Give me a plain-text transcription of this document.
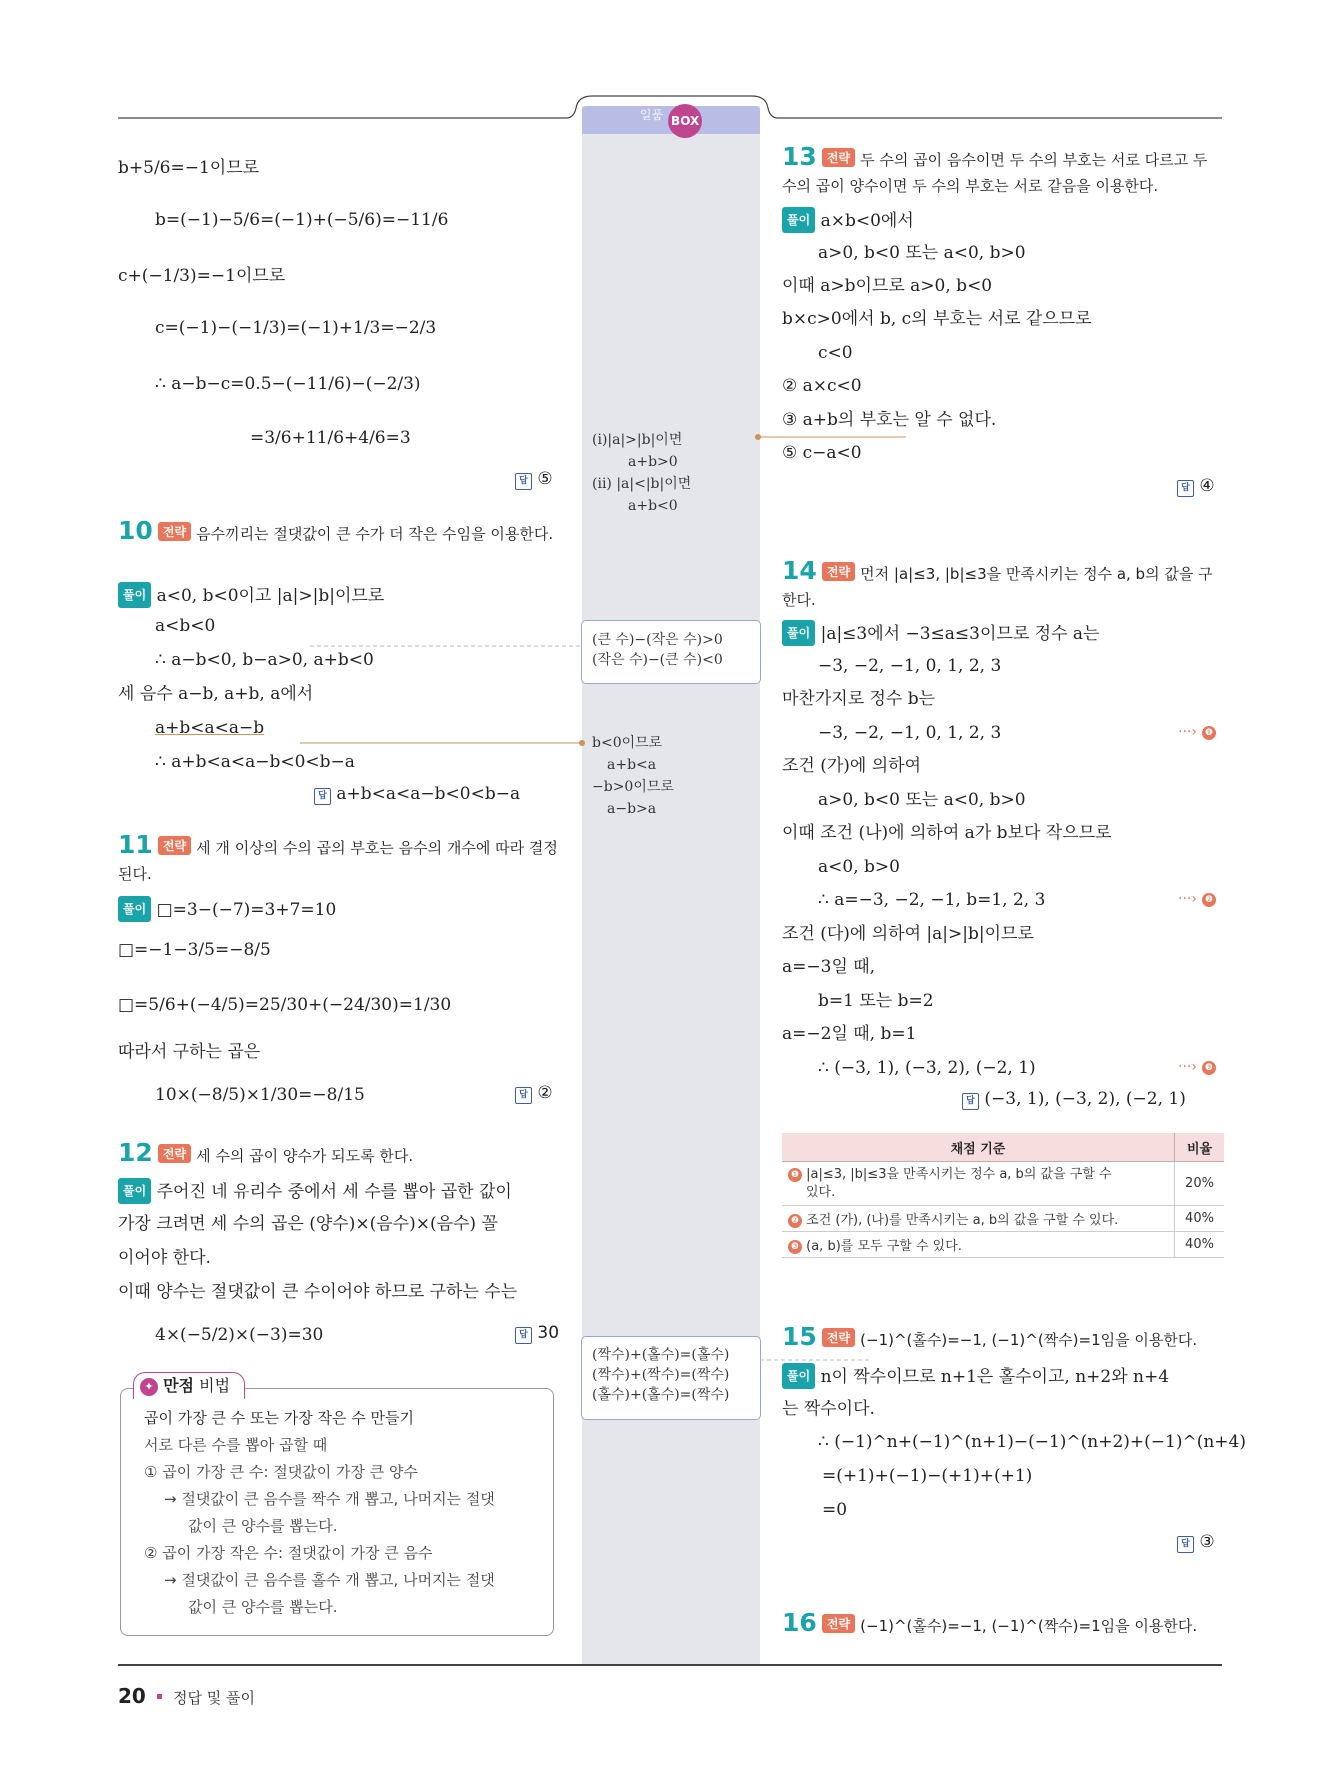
$^{일품}$ BOX
b+5/6=−1이므로
b=(−1)−5/6=(−1)+(−5/6)=−11/6
c+(−1/3)=−1이므로
c=(−1)−(−1/3)=(−1)+1/3=−2/3
∴ a−b−c=0.5−(−11/6)−(−2/3)
=3/6+11/6+4/6=3
답 ⑤
10 전략 음수끼리는 절댓값이 큰 수가 더 작은 수임을 이용한다.
풀이 a<0, b<0이고 |a|>|b|이므로
a<b<0
∴ a−b<0, b−a>0, a+b<0
세 음수 a−b, a+b, a에서
a+b<a<a−b
∴ a+b<a<a−b<0<b−a
답 a+b<a<a−b<0<b−a
11 전략 세 개 이상의 수의 곱의 부호는 음수의 개수에 따라 결정된다.
풀이 □=3−(−7)=3+7=10
□=−1−3/5=−8/5
□=5/6+(−4/5)=25/30+(−24/30)=1/30
따라서 구하는 곱은
10×(−8/5)×1/30=−8/15	답 ②
12 전략 세 수의 곱이 양수가 되도록 한다.
풀이 주어진 네 유리수 중에서 세 수를 뽑아 곱한 값이
가장 크려면 세 수의 곱은 (양수)×(음수)×(음수) 꼴
이어야 한다.
이때 양수는 절댓값이 큰 수이어야 하므로 구하는 수는
4×(−5/2)×(−3)=30	답 30
✦ 만점 비법
곱이 가장 큰 수 또는 가장 작은 수 만들기
서로 다른 수를 뽑아 곱할 때
① 곱이 가장 큰 수: 절댓값이 가장 큰 양수
→ 절댓값이 큰 음수를 짝수 개 뽑고, 나머지는 절댓
값이 큰 양수를 뽑는다.
② 곱이 가장 작은 수: 절댓값이 가장 큰 음수
→ 절댓값이 큰 음수를 홀수 개 뽑고, 나머지는 절댓
값이 큰 양수를 뽑는다.
(i)|a|>|b|이면
a+b>0
(ii) |a|<|b|이면
a+b<0
(큰 수)−(작은 수)>0
(작은 수)−(큰 수)<0
b<0이므로
a+b<a
−b>0이므로
a−b>a
(짝수)+(홀수)=(홀수)
(짝수)+(짝수)=(짝수)
(홀수)+(홀수)=(짝수)
13 전략 두 수의 곱이 음수이면 두 수의 부호는 서로 다르고 두 수의 곱이 양수이면 두 수의 부호는 서로 같음을 이용한다.
풀이 a×b<0에서
a>0, b<0 또는 a<0, b>0
이때 a>b이므로 a>0, b<0
b×c>0에서 b, c의 부호는 서로 같으므로
c<0
② a×c<0
③ a+b의 부호는 알 수 없다.
⑤ c−a<0
답 ④
14 전략 먼저 |a|≤3, |b|≤3을 만족시키는 정수 a, b의 값을 구한다.
풀이 |a|≤3에서 −3≤a≤3이므로 정수 a는
−3, −2, −1, 0, 1, 2, 3
마찬가지로 정수 b는
−3, −2, −1, 0, 1, 2, 3	···› ❶
조건 (가)에 의하여
a>0, b<0 또는 a<0, b>0
이때 조건 (나)에 의하여 a가 b보다 작으므로
a<0, b>0
∴ a=−3, −2, −1, b=1, 2, 3	···› ❷
조건 (다)에 의하여 |a|>|b|이므로
a=−3일 때,
b=1 또는 b=2
a=−2일 때, b=1
∴ (−3, 1), (−3, 2), (−2, 1)	···› ❸
답 (−3, 1), (−3, 2), (−2, 1)
채점 기준	비율
❶ |a|≤3, |b|≤3을 만족시키는 정수 a, b의 값을 구할 수
있다.	20%
❷ 조건 (가), (나)를 만족시키는 a, b의 값을 구할 수 있다.	40%
❸ (a, b)를 모두 구할 수 있다.	40%
15 전략 (−1)^(홀수)=−1, (−1)^(짝수)=1임을 이용한다.
풀이 n이 짝수이므로 n+1은 홀수이고, n+2와 n+4
는 짝수이다.
∴ (−1)^n+(−1)^(n+1)−(−1)^(n+2)+(−1)^(n+4)
=(+1)+(−1)−(+1)+(+1)
=0
답 ③
16 전략 (−1)^(홀수)=−1, (−1)^(짝수)=1임을 이용한다.
20 정답 및 풀이
